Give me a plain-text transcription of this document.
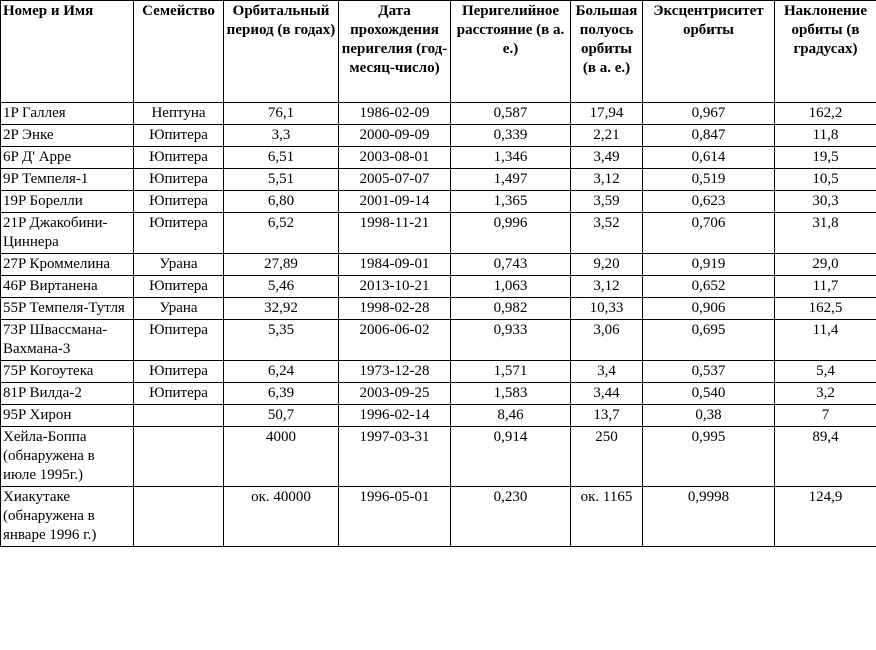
Номер и Имя	Семейство	Орбитальный период (в годах)	Дата прохождения перигелия (год-месяц-число)	Перигелийное расстояние (в а. е.)	Большая полуось орбиты (в а. е.)	Эксцентриситет орбиты	Наклонение орбиты (в градусах)
1P Галлея	Нептуна	76,1	1986-02-09	0,587	17,94	0,967	162,2
2P Энке	Юпитера	3,3	2000-09-09	0,339	2,21	0,847	11,8
6P Д' Арре	Юпитера	6,51	2003-08-01	1,346	3,49	0,614	19,5
9P Темпеля-1	Юпитера	5,51	2005-07-07	1,497	3,12	0,519	10,5
19P Борелли	Юпитера	6,80	2001-09-14	1,365	3,59	0,623	30,3
21P Джакобини-Циннера	Юпитера	6,52	1998-11-21	0,996	3,52	0,706	31,8
27P Кроммелина	Урана	27,89	1984-09-01	0,743	9,20	0,919	29,0
46P Виртанена	Юпитера	5,46	2013-10-21	1,063	3,12	0,652	11,7
55P Темпеля-Тутля	Урана	32,92	1998-02-28	0,982	10,33	0,906	162,5
73P Швассмана-Вахмана-3	Юпитера	5,35	2006-06-02	0,933	3,06	0,695	11,4
75P Когоутека	Юпитера	6,24	1973-12-28	1,571	3,4	0,537	5,4
81P Вилда-2	Юпитера	6,39	2003-09-25	1,583	3,44	0,540	3,2
95P Хирон		50,7	1996-02-14	8,46	13,7	0,38	7
Хейла-Боппа (обнаружена в июле 1995г.)		4000	1997-03-31	0,914	250	0,995	89,4
Хиакутаке (обнаружена в январе 1996 г.)		ок. 40000	1996-05-01	0,230	ок. 1165	0,9998	124,9
